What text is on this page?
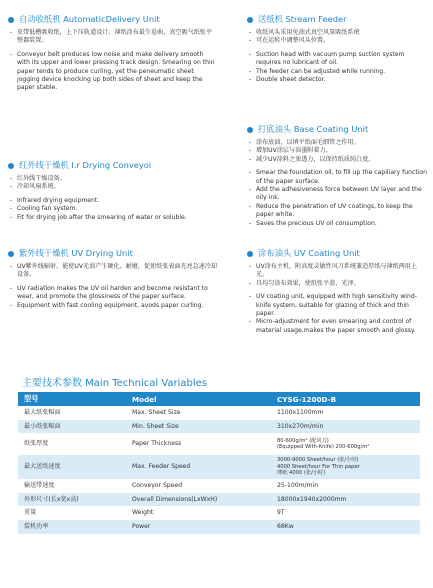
自动收纸机 AutomaticDelivery Unit
- 皮带低槽吸收纸，上下压轨道设计。薄纸涂布最生卷曲，真空吸气纸张平整器装置。
- Conveyor belt produces low noise and make delivery smooth with its upper and lower pressing track design. Smearing on thin paper tends to produce curling, yet the peneumatic sheet jogging device knocking up both sides of sheet and keep the paper stable.
红外线干燥机 I.r Drying Conveyoi
- 红外线干燥设备。
- 冷却风扇系统。
- Infrared drying equipment.
- Cooling fan system.
- Fit for drying job after the smearing of water or soluble.
紫外线干燥机 UV Drying Unit
- UV紫外线辐射，能使UV光油产生硬化、耐磨，促使纸张表面光亮急速冷却设备。
- UV radiation makes the UV oil harden and become resistant to wear, and promote the glossiness of the paper surface.
- Equipment with fast cooling equipment, avods paper curling.
送纸机 Stream Feeder
- 收纸风头采用免油式真空风泵吸纸系统
- 可在运转中调整风头位置。
- Suction head with vacuum pump suction system requires no lubricant of oil.
- The feeder can be adjusted while running.
- Double sheet detector.
打底油头 Base Coating Unit
- 涂布底油，以填平纸面毛细管之作用。
- 增加UV涂层与油墨附着力。
- 减少UV涂料之渗透力，以保持纸质纯白度。
- Smear the foundation oil, to fill up the capiliary function of the paper surface.
- Add the adhesiveness force between UV layer and the oily ink.
- Reduce the penetration of UV coatings, to keep the paper white.
- Saves the precious UV oil consumption.
涂布油头 UV Coating Unit
- UV涂布主机，附高度灵敏性风刀系统兼适厚纸与薄纸两用上光。
- 具均匀涂布效果，使纸张平滑、光泽。
- UV coating unit, equipped with high sensitivity wind-knife system, suitable for glazing of thick and thin paper.
- Micro-adjustment for even smearing and control of material usage,makes the paper smooth and glossy.
主要技术参数 Main Technical Variables
型号	Model	CYSG-1200D-B
最大纸张幅面	Max. Sheet Size	1100x1100mm
最小纸张幅面	Min. Sheet Size	310x270m/min
纸张厚度	Paper Thickness	80-600g/m² (配风刀)
(Equipped With-Knife) 200-600g/m²

最大送纸速度	Max. Feeder Speed	3000-9000 Sheet/hour (张/小时)
4000 Sheet/hour For Thin paper
薄纸 4000 (张/小时)

输送带速度	Conveyor Speed	25-100m/min
外形尺寸(长x宽x高)	Overall Dimensions(LxWxH)	18000x1940x2000mm
重量	Weight	9T
装机功率	Power	68Kw
